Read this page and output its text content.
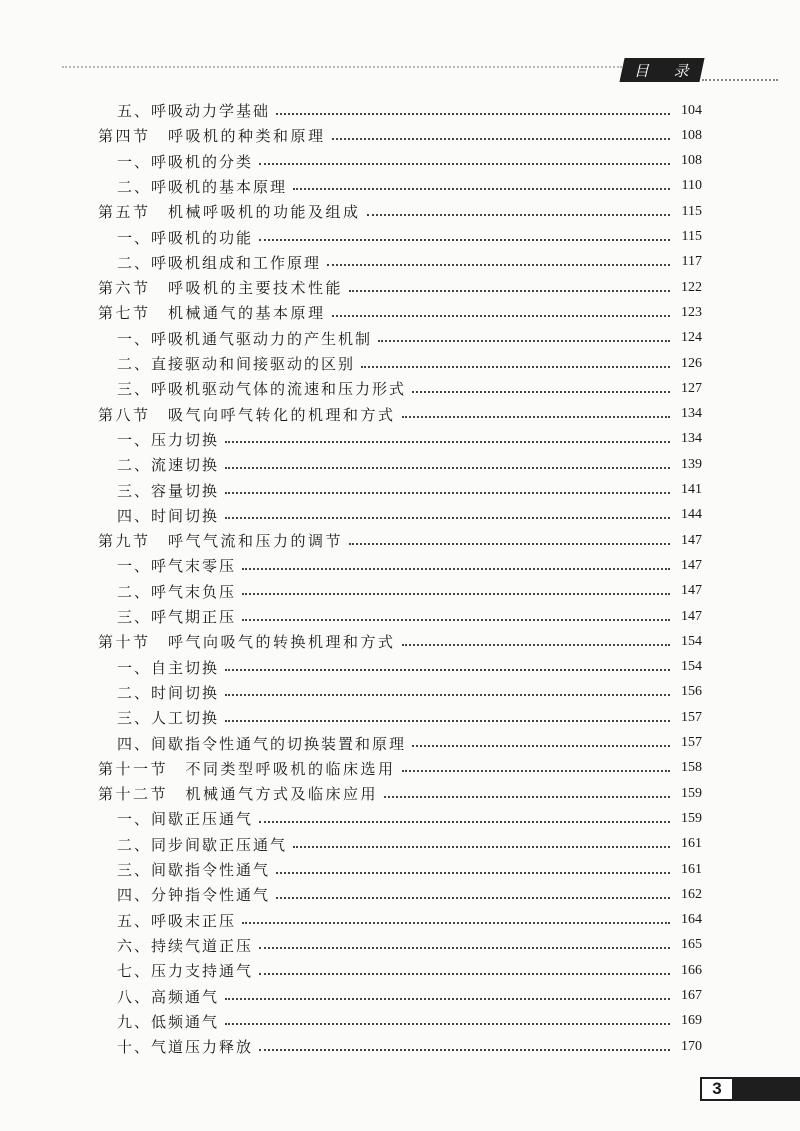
目 录
五、呼吸动力学基础	104
第四节　呼吸机的种类和原理	108
一、呼吸机的分类	108
二、呼吸机的基本原理	110
第五节　机械呼吸机的功能及组成	115
一、呼吸机的功能	115
二、呼吸机组成和工作原理	117
第六节　呼吸机的主要技术性能	122
第七节　机械通气的基本原理	123
一、呼吸机通气驱动力的产生机制	124
二、直接驱动和间接驱动的区别	126
三、呼吸机驱动气体的流速和压力形式	127
第八节　吸气向呼气转化的机理和方式	134
一、压力切换	134
二、流速切换	139
三、容量切换	141
四、时间切换	144
第九节　呼气气流和压力的调节	147
一、呼气末零压	147
二、呼气末负压	147
三、呼气期正压	147
第十节　呼气向吸气的转换机理和方式	154
一、自主切换	154
二、时间切换	156
三、人工切换	157
四、间歇指令性通气的切换装置和原理	157
第十一节　不同类型呼吸机的临床选用	158
第十二节　机械通气方式及临床应用	159
一、间歇正压通气	159
二、同步间歇正压通气	161
三、间歇指令性通气	161
四、分钟指令性通气	162
五、呼吸末正压	164
六、持续气道正压	165
七、压力支持通气	166
八、高频通气	167
九、低频通气	169
十、气道压力释放	170
3
